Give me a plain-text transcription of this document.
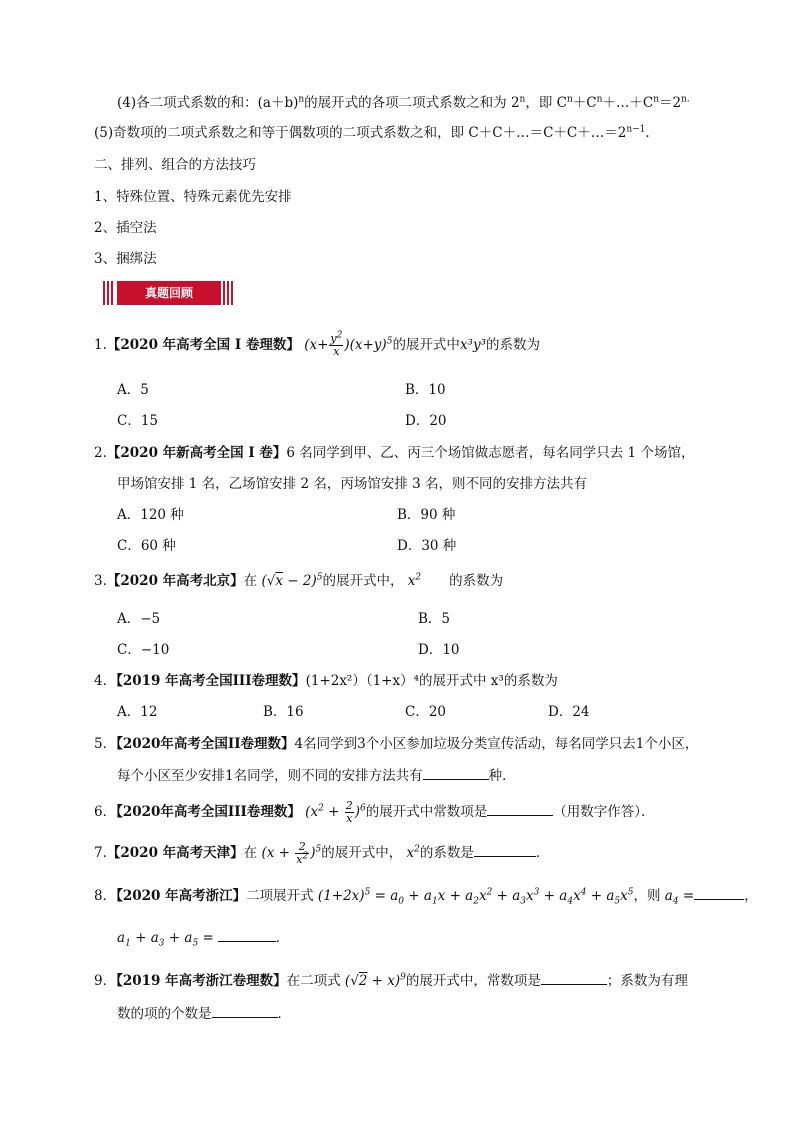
(4)各二项式系数的和：$(a+b)^n$的展开式的各项二项式系数之和为 2$^n$，即 $C^n+C^n+\dots+C^n=2^{n.}$
(5)奇数项的二项式系数之和等于偶数项的二项式系数之和，即 $C+C+\dots=C+C+\dots=2^{n-1}$.
二、排列、组合的方法技巧
1、特殊位置、特殊元素优先安排
2、插空法
3、捆绑法
真题回顾
1.【2020 年高考全国 I 卷理数】 $(x+ \frac{y^2}{x} )(x+y)^5$的展开式中x³y³的系数为
A．5	B．10
C．15	D．20
2.【2020 年新高考全国 I 卷】6 名同学到甲、乙、丙三个场馆做志愿者，每名同学只去 1 个场馆，
甲场馆安排 1 名，乙场馆安排 2 名，丙场馆安排 3 名，则不同的安排方法共有
A．120 种	B．90 种
C．60 种	D．30 种
3.【2020 年高考北京】在 $(√x - 2)^5$的展开式中， $x^2$ 的系数为
A．−5	B．5
C．−10	D．10
4．【2019 年高考全国III卷理数】(1+2x²）（1+x）⁴的展开式中 x³的系数为
A．12	B．16	C．20	D．24
5．【2020年高考全国II卷理数】4名同学到3个小区参加垃圾分类宣传活动，每名同学只去1个小区，
每个小区至少安排1名同学，则不同的安排方法共有	种．
6．【2020年高考全国III卷理数】 $(x^2 + \frac{2}{x} )^6$的展开式中常数项是	（用数字作答）．
7.【2020 年高考天津】在 $(x + \frac{2}{x^2} )^5$的展开式中， $x^2$的系数是	．
8．【2020 年高考浙江】二项展开式 $(1+2x)^5 = a_0 + a_1x + a_2x^2 + a_3x^3 + a_4x^4 + a_5x^5$，则 $a_4$ =	，
$a_1 + a_3 + a_5$ =	．
9．【2019 年高考浙江卷理数】在二项式 $(√2 + x)^9$的展开式中，常数项是	；系数为有理
数的项的个数是	．
